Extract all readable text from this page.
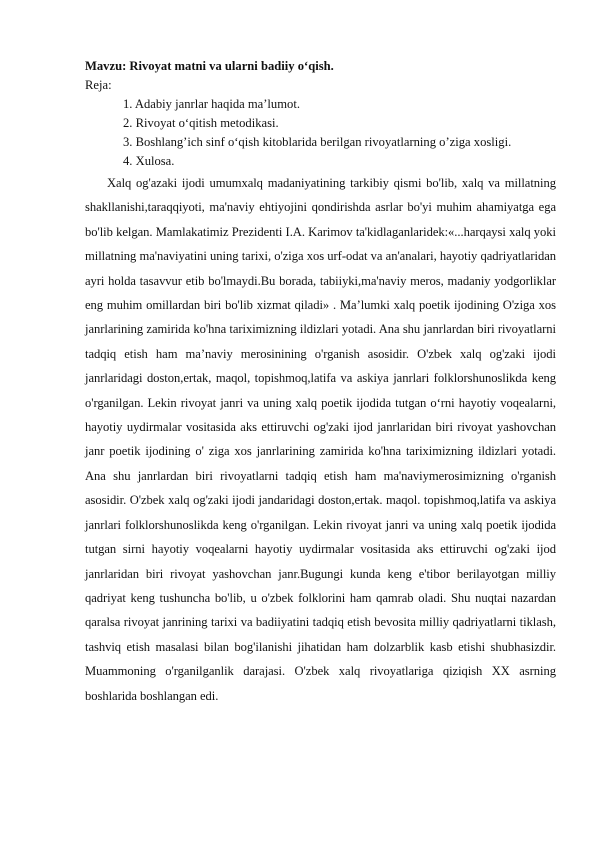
Mavzu: Rivoyat matni va ularni badiiy o‘qish.

Reja:

1. Adabiy janrlar haqida ma’lumot.
2. Rivoyat o‘qitish metodikasi.
3. Boshlang’ich sinf o‘qish kitoblarida berilgan rivoyatlarning o’ziga xosligi.
4. Xulosa.

Xalq og'azaki ijodi umumxalq madaniyatining tarkibiy qismi bo'lib, xalq va millatning shakllanishi,taraqqiyoti, ma'naviy ehtiyojini qondirishda asrlar bo'yi muhim ahamiyatga ega bo'lib kelgan. Mamlakatimiz Prezidenti I.A. Karimov ta'kidlaganlaridek:«...harqaysi xalq yoki millatning ma'naviyatini uning tarixi, o'ziga xos urf-odat va an'analari, hayotiy qadriyatlaridan ayri holda tasavvur etib bo'lmaydi.Bu borada, tabiiyki,ma'naviy meros, madaniy yodgorliklar eng muhim omillardan biri bo'lib xizmat qiladi» . Ma’lumki xalq poetik ijodining O'ziga xos janrlarining zamirida ko'hna tariximizning ildizlari yotadi. Ana shu janrlardan biri rivoyatlarni tadqiq etish ham ma’naviy merosinining o'rganish asosidir. O'zbek xalq og'zaki ijodi janrlaridagi doston,ertak, maqol, topishmoq,latifa va askiya janrlari folklorshunoslikda keng o'rganilgan. Lekin rivoyat janri va uning xalq poetik ijodida tutgan o‘rni hayotiy voqealarni, hayotiy uydirmalar vositasida aks ettiruvchi og'zaki ijod janrlaridan biri rivoyat yashovchan janr poetik ijodining o' ziga xos janrlarining zamirida ko'hna tariximizning ildizlari yotadi. Ana shu janrlardan biri rivoyatlarni tadqiq etish ham ma'naviymerosimizning o'rganish asosidir. O'zbek xalq og'zaki ijodi jandaridagi doston,ertak. maqol. topishmoq,latifa va askiya janrlari folklorshunoslikda keng o'rganilgan. Lekin rivoyat janri va uning xalq poetik ijodida tutgan sirni hayotiy voqealarni hayotiy uydirmalar vositasida aks ettiruvchi og'zaki ijod janrlaridan biri rivoyat yashovchan janr.Bugungi kunda keng e'tibor berilayotgan milliy qadriyat keng tushuncha bo'lib, u o'zbek folklorini ham qamrab oladi. Shu nuqtai nazardan qaralsa rivoyat janrining tarixi va badiiyatini tadqiq etish bevosita milliy qadriyatlarni tiklash, tashviq etish masalasi bilan bog'ilanishi jihatidan ham dolzarblik kasb etishi shubhasizdir. Muammoning o'rganilganlik darajasi. O'zbek xalq rivoyatlariga qiziqish XX asrning boshlarida boshlangan edi.
